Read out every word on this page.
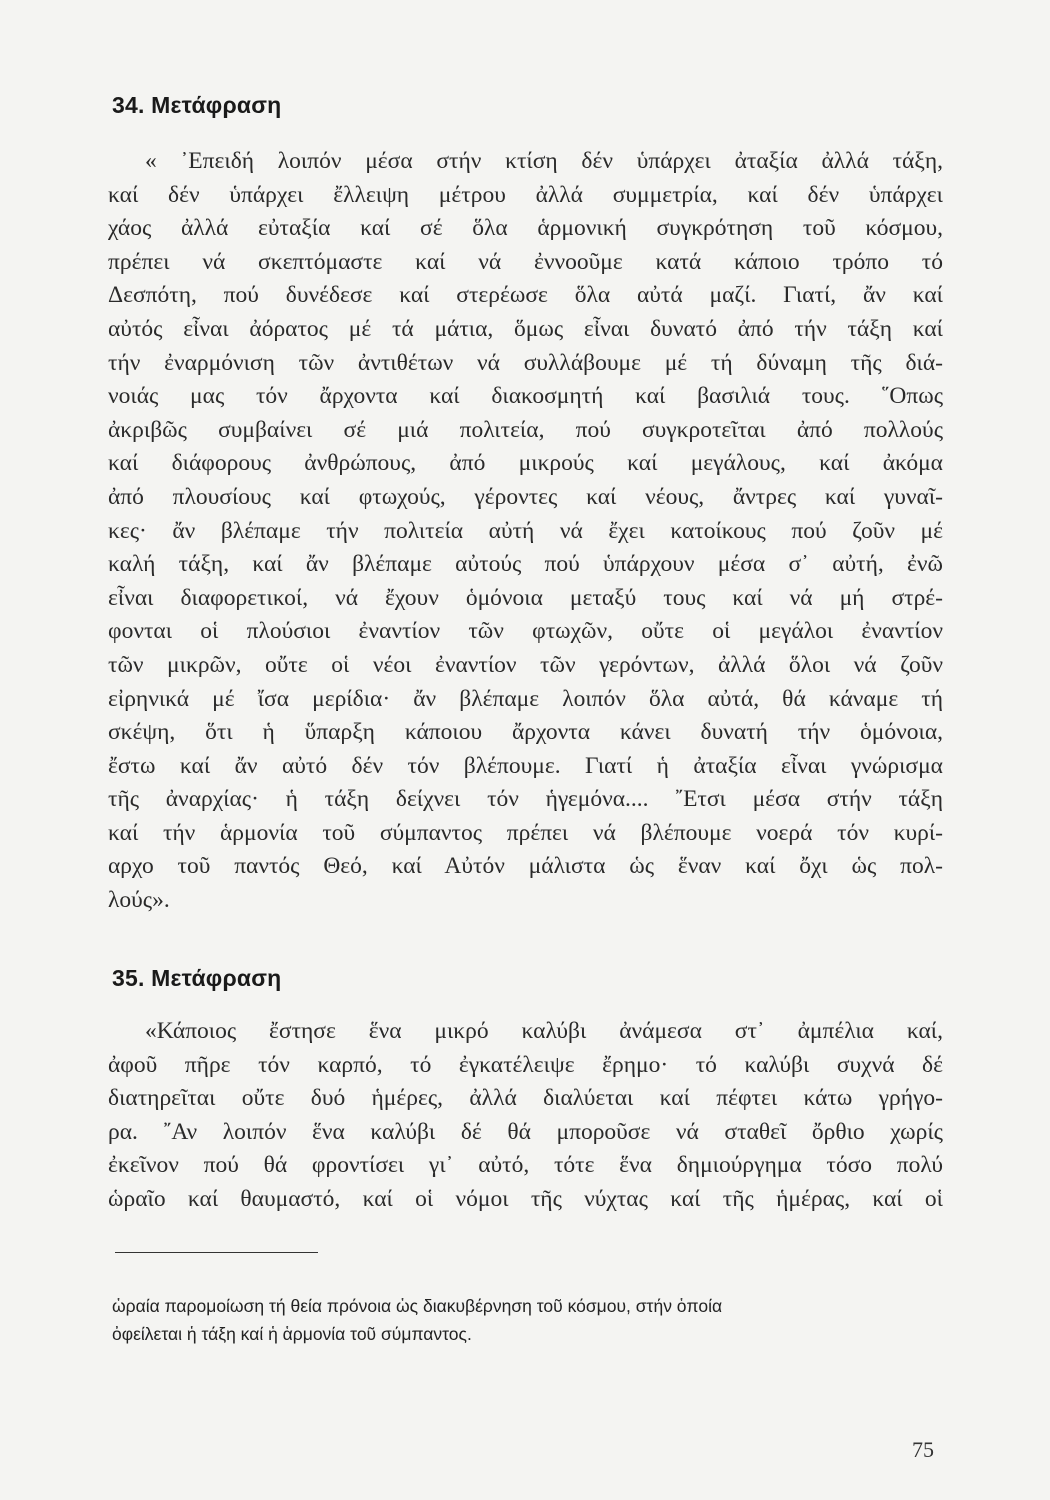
34. Μετάφραση
« ᾿Επειδή λοιπόν μέσα στήν κτίση δέν ὑπάρχει ἀταξία ἀλλά τάξη,
καί δέν ὑπάρχει ἔλλειψη μέτρου ἀλλά συμμετρία, καί δέν ὑπάρχει
χάος ἀλλά εὐταξία καί σέ ὅλα ἁρμονική συγκρότηση τοῦ κόσμου,
πρέπει νά σκεπτόμαστε καί νά ἐννοοῦμε κατά κάποιο τρόπο τό
Δεσπότη, πού δυνέδεσε καί στερέωσε ὅλα αὐτά μαζί. Γιατί, ἄν καί
αὐτός εἶναι ἀόρατος μέ τά μάτια, ὅμως εἶναι δυνατό ἀπό τήν τάξη καί
τήν ἐναρμόνιση τῶν ἀντιθέτων νά συλλάβουμε μέ τή δύναμη τῆς διά-
νοιάς μας τόν ἄρχοντα καί διακοσμητή καί βασιλιά τους. ῞Οπως
ἀκριβῶς συμβαίνει σέ μιά πολιτεία, πού συγκροτεῖται ἀπό πολλούς
καί διάφορους ἀνθρώπους, ἀπό μικρούς καί μεγάλους, καί ἀκόμα
ἀπό πλουσίους καί φτωχούς, γέροντες καί νέους, ἄντρες καί γυναῖ-
κες· ἄν βλέπαμε τήν πολιτεία αὐτή νά ἔχει κατοίκους πού ζοῦν μέ
καλή τάξη, καί ἄν βλέπαμε αὐτούς πού ὑπάρχουν μέσα σ᾿ αὐτή, ἐνῶ
εἶναι διαφορετικοί, νά ἔχουν ὁμόνοια μεταξύ τους καί νά μή στρέ-
φονται οἱ πλούσιοι ἐναντίον τῶν φτωχῶν, οὔτε οἱ μεγάλοι ἐναντίον
τῶν μικρῶν, οὔτε οἱ νέοι ἐναντίον τῶν γερόντων, ἀλλά ὅλοι νά ζοῦν
εἰρηνικά μέ ἴσα μερίδια· ἄν βλέπαμε λοιπόν ὅλα αὐτά, θά κάναμε τή
σκέψη, ὅτι ἡ ὕπαρξη κάποιου ἄρχοντα κάνει δυνατή τήν ὁμόνοια,
ἔστω καί ἄν αὐτό δέν τόν βλέπουμε. Γιατί ἡ ἀταξία εἶναι γνώρισμα
τῆς ἀναρχίας· ἡ τάξη δείχνει τόν ἡγεμόνα.... ῎Ετσι μέσα στήν τάξη
καί τήν ἁρμονία τοῦ σύμπαντος πρέπει νά βλέπουμε νοερά τόν κυρί-
αρχο τοῦ παντός Θεό, καί Αὐτόν μάλιστα ὡς ἕναν καί ὄχι ὡς πολ-
λούς».
35. Μετάφραση
«Κάποιος ἔστησε ἕνα μικρό καλύβι ἀνάμεσα στ᾿ ἀμπέλια καί,
ἀφοῦ πῆρε τόν καρπό, τό ἐγκατέλειψε ἔρημο· τό καλύβι συχνά δέ
διατηρεῖται οὔτε δυό ἡμέρες, ἀλλά διαλύεται καί πέφτει κάτω γρήγο-
ρα. ῎Αν λοιπόν ἕνα καλύβι δέ θά μποροῦσε νά σταθεῖ ὄρθιο χωρίς
ἐκεῖνον πού θά φροντίσει γι᾿ αὐτό, τότε ἕνα δημιούργημα τόσο πολύ
ὡραῖο καί θαυμαστό, καί οἱ νόμοι τῆς νύχτας καί τῆς ἡμέρας, καί οἱ
ὡραία παρομοίωση τή θεία πρόνοια ὡς διακυβέρνηση τοῦ κόσμου, στήν ὁποία
ὀφείλεται ἡ τάξη καί ἡ ἁρμονία τοῦ σύμπαντος.
75
